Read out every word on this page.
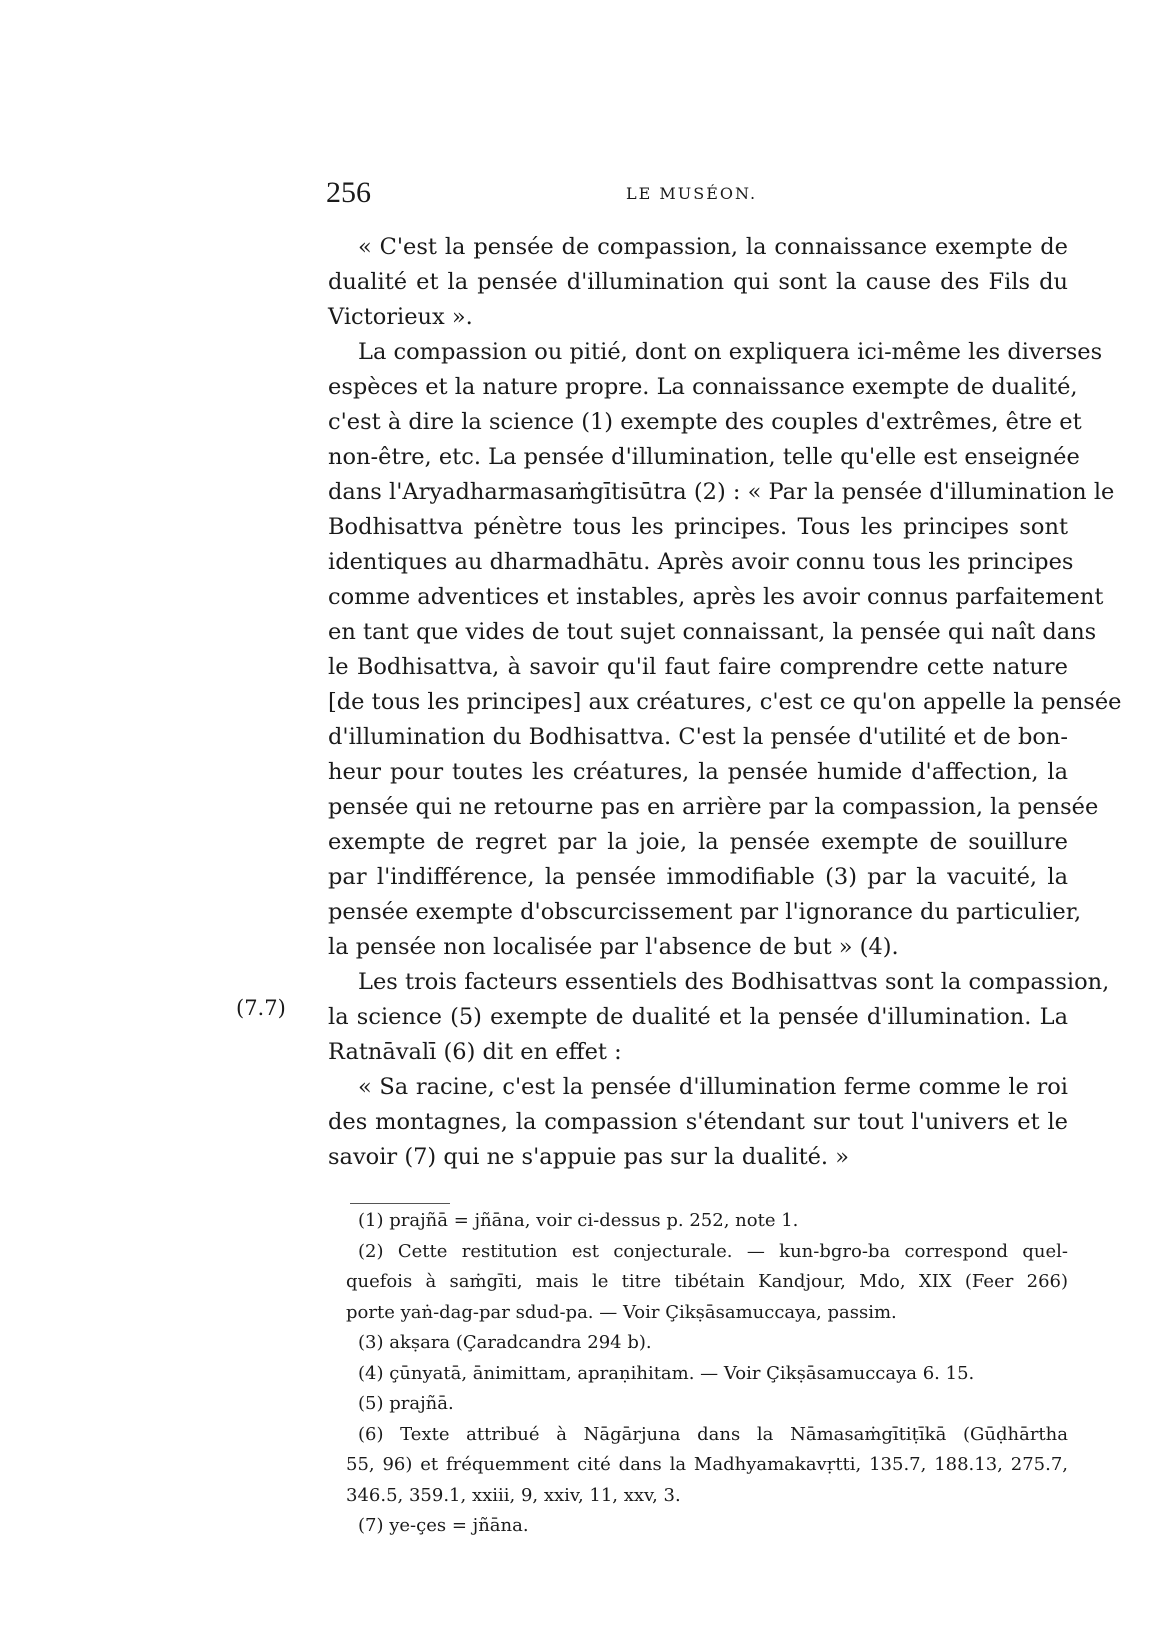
256	LE MUSÉON.
(7.7)
« C'est la pensée de compassion, la connaissance exempte de
dualité et la pensée d'illumination qui sont la cause des Fils du
Victorieux ».
La compassion ou pitié, dont on expliquera ici-même les diverses
espèces et la nature propre. La connaissance exempte de dualité,
c'est à dire la science (1) exempte des couples d'extrêmes, être et
non-être, etc. La pensée d'illumination, telle qu'elle est enseignée
dans l'Aryadharmasaṁgītisūtra (2) : « Par la pensée d'illumination le
Bodhisattva pénètre tous les principes. Tous les principes sont
identiques au dharmadhātu. Après avoir connu tous les principes
comme adventices et instables, après les avoir connus parfaitement
en tant que vides de tout sujet connaissant, la pensée qui naît dans
le Bodhisattva, à savoir qu'il faut faire comprendre cette nature
[de tous les principes] aux créatures, c'est ce qu'on appelle la pensée
d'illumination du Bodhisattva. C'est la pensée d'utilité et de bon-
heur pour toutes les créatures, la pensée humide d'affection, la
pensée qui ne retourne pas en arrière par la compassion, la pensée
exempte de regret par la joie, la pensée exempte de souillure
par l'indifférence, la pensée immodifiable (3) par la vacuité, la
pensée exempte d'obscurcissement par l'ignorance du particulier,
la pensée non localisée par l'absence de but » (4).
Les trois facteurs essentiels des Bodhisattvas sont la compassion,
la science (5) exempte de dualité et la pensée d'illumination. La
Ratnāvalī (6) dit en effet :
« Sa racine, c'est la pensée d'illumination ferme comme le roi
des montagnes, la compassion s'étendant sur tout l'univers et le
savoir (7) qui ne s'appuie pas sur la dualité. »
(1) prajñā = jñāna, voir ci-dessus p. 252, note 1.
(2) Cette restitution est conjecturale. — kun-bgro-ba correspond quel-
quefois à saṁgīti, mais le titre tibétain Kandjour, Mdo, XIX (Feer 266)
porte yaṅ-dag-par sdud-pa. — Voir Çikṣāsamuccaya, passim.
(3) akṣara (Çaradcandra 294 b).
(4) çūnyatā, ānimittam, apraṇihitam. — Voir Çikṣāsamuccaya 6. 15.
(5) prajñā.
(6) Texte attribué à Nāgārjuna dans la Nāmasaṁgītiṭīkā (Gūḍhārtha
55, 96) et fréquemment cité dans la Madhyamakavṛtti, 135.7, 188.13, 275.7,
346.5, 359.1, xxiii, 9, xxiv, 11, xxv, 3.
(7) ye-çes = jñāna.
